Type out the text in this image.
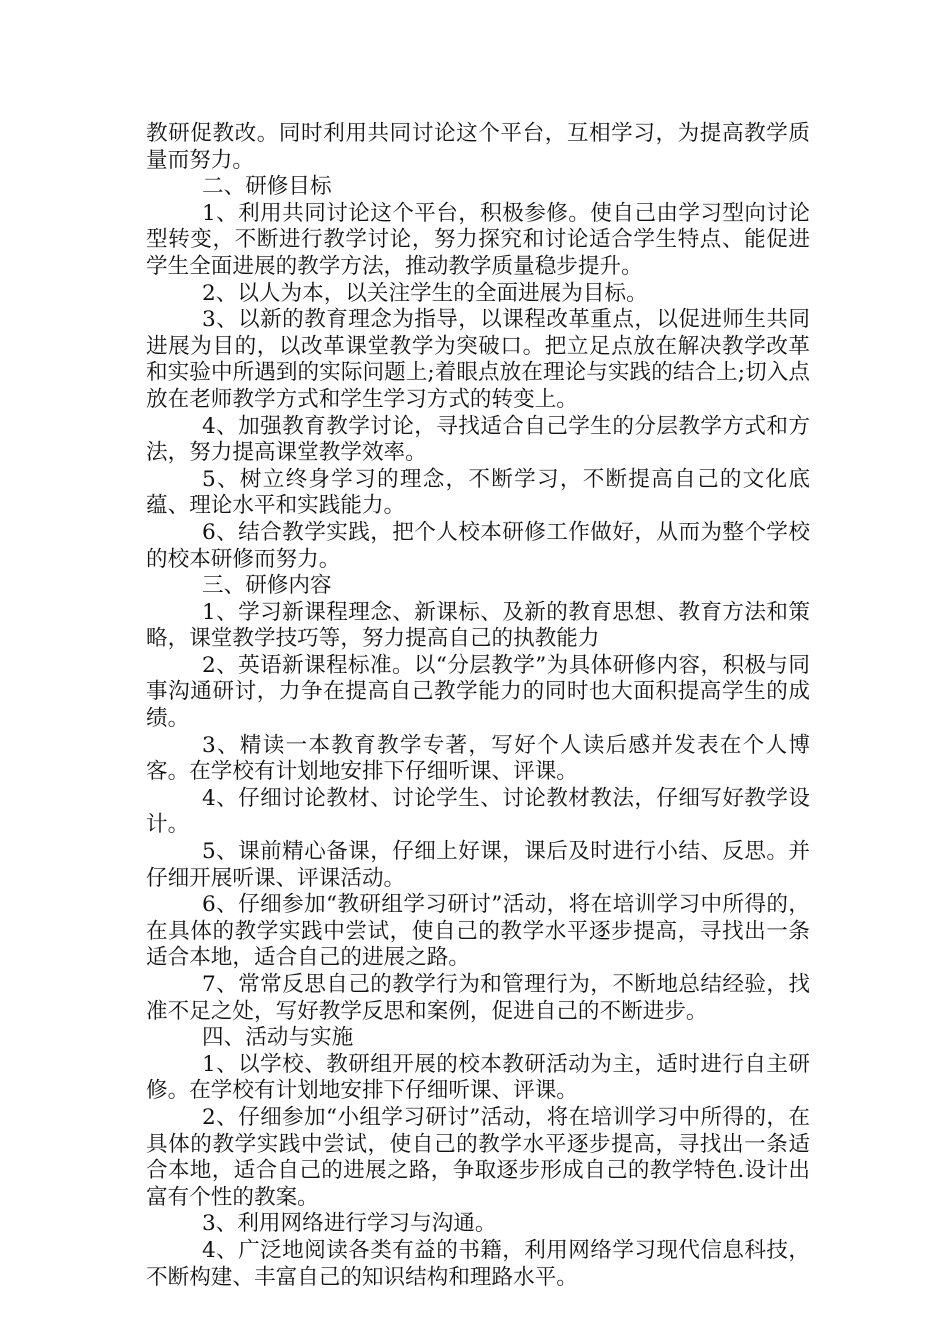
教研促教改。同时利用共同讨论这个平台，互相学习，为提高教学质量而努力。

二、研修目标

1、利用共同讨论这个平台，积极参修。使自己由学习型向讨论型转变，不断进行教学讨论，努力探究和讨论适合学生特点、能促进学生全面进展的教学方法，推动教学质量稳步提升。

2、以人为本，以关注学生的全面进展为目标。

3、以新的教育理念为指导，以课程改革重点，以促进师生共同进展为目的，以改革课堂教学为突破口。把立足点放在解决教学改革和实验中所遇到的实际问题上;着眼点放在理论与实践的结合上;切入点放在老师教学方式和学生学习方式的转变上。

4、加强教育教学讨论，寻找适合自己学生的分层教学方式和方法，努力提高课堂教学效率。

5、树立终身学习的理念，不断学习，不断提高自己的文化底蕴、理论水平和实践能力。

6、结合教学实践，把个人校本研修工作做好，从而为整个学校的校本研修而努力。

三、研修内容

1、学习新课程理念、新课标、及新的教育思想、教育方法和策略，课堂教学技巧等，努力提高自己的执教能力

2、英语新课程标准。以“分层教学”为具体研修内容，积极与同事沟通研讨，力争在提高自己教学能力的同时也大面积提高学生的成绩。

3、精读一本教育教学专著，写好个人读后感并发表在个人博客。在学校有计划地安排下仔细听课、评课。

4、仔细讨论教材、讨论学生、讨论教材教法，仔细写好教学设计。

5、课前精心备课，仔细上好课，课后及时进行小结、反思。并仔细开展听课、评课活动。

6、仔细参加“教研组学习研讨”活动，将在培训学习中所得的，在具体的教学实践中尝试，使自己的教学水平逐步提高，寻找出一条适合本地，适合自己的进展之路。

7、常常反思自己的教学行为和管理行为，不断地总结经验，找准不足之处，写好教学反思和案例，促进自己的不断进步。

四、活动与实施

1、以学校、教研组开展的校本教研活动为主，适时进行自主研修。在学校有计划地安排下仔细听课、评课。

2、仔细参加“小组学习研讨”活动，将在培训学习中所得的，在具体的教学实践中尝试，使自己的教学水平逐步提高，寻找出一条适合本地，适合自己的进展之路，争取逐步形成自己的教学特色.设计出富有个性的教案。

3、利用网络进行学习与沟通。

4、广泛地阅读各类有益的书籍，利用网络学习现代信息科技，不断构建、丰富自己的知识结构和理路水平。
